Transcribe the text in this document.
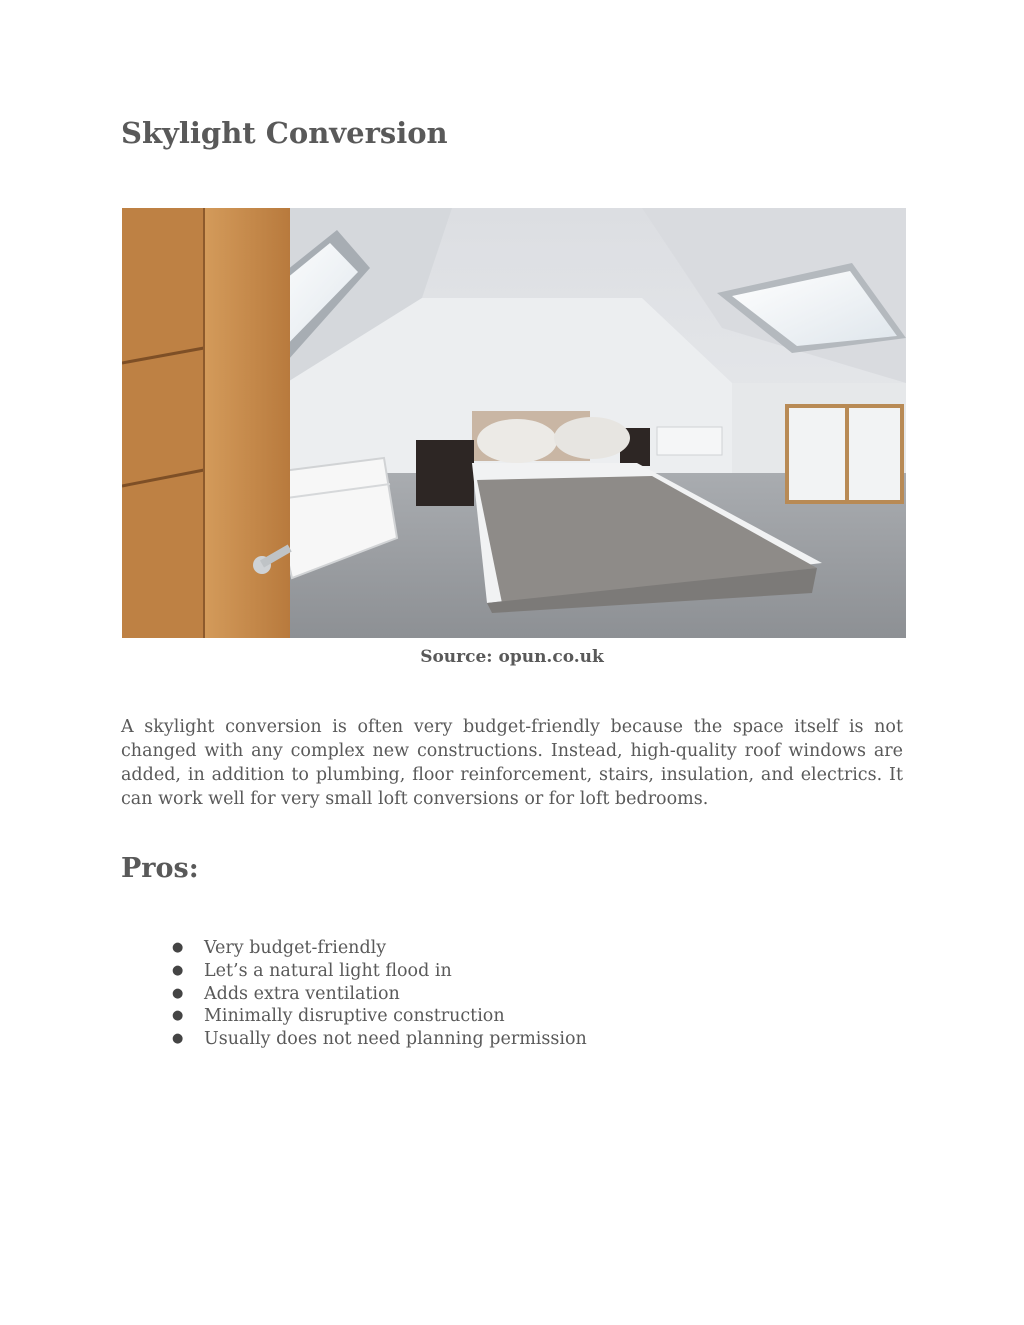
Skylight Conversion
Source: opun.co.uk

A skylight conversion is often very budget-friendly because the space itself is not changed with any complex new constructions. Instead, high-quality roof windows are added, in addition to plumbing, floor reinforcement, stairs, insulation, and electrics. It can work well for very small loft conversions or for loft bedrooms.

Pros:
● Very budget-friendly
● Let’s a natural light flood in
● Adds extra ventilation
● Minimally disruptive construction
● Usually does not need planning permission
